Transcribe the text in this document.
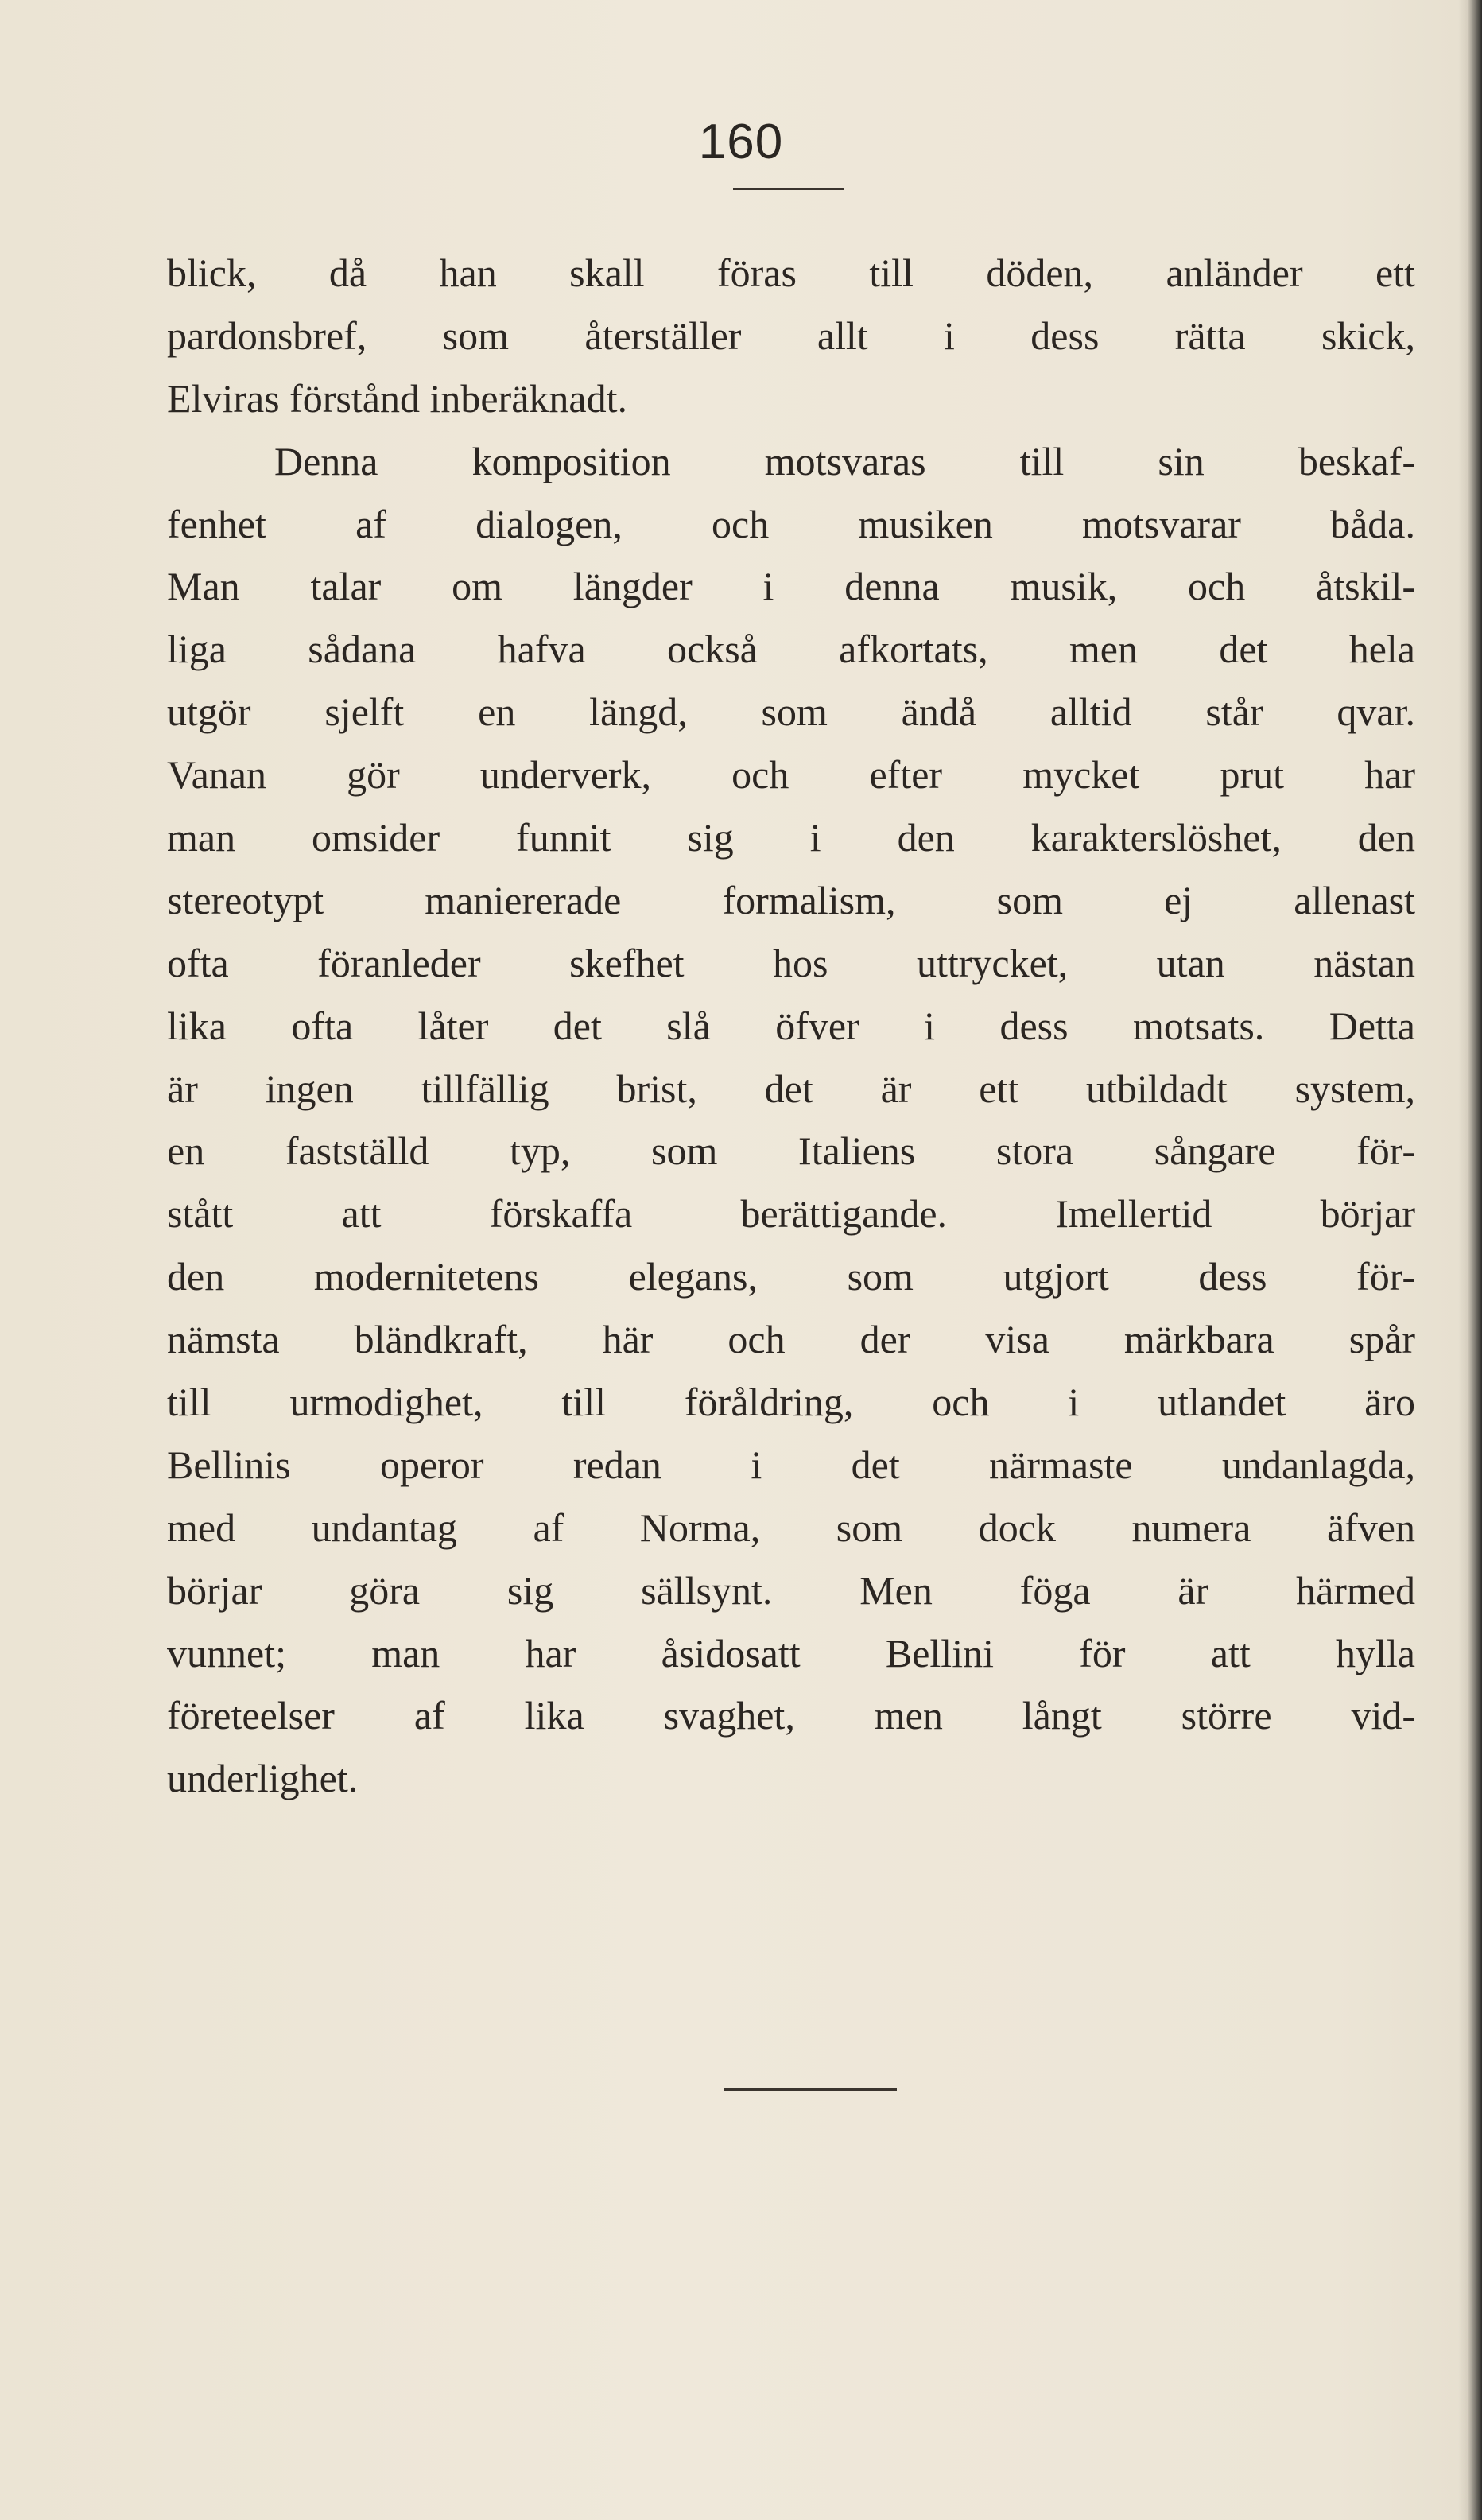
160
blick, då han skall föras till döden, anländer ett
pardonsbref, som återställer allt i dess rätta skick,
Elviras förstånd inberäknadt.
Denna komposition motsvaras till sin beskaf-
fenhet af dialogen, och musiken motsvarar båda.
Man talar om längder i denna musik, och åtskil-
liga sådana hafva också afkortats, men det hela
utgör sjelft en längd, som ändå alltid står qvar.
Vanan gör underverk, och efter mycket prut har
man omsider funnit sig i den karakterslöshet, den
stereotypt maniererade formalism, som ej allenast
ofta föranleder skefhet hos uttrycket, utan nästan
lika ofta låter det slå öfver i dess motsats. Detta
är ingen tillfällig brist, det är ett utbildadt system,
en fastställd typ, som Italiens stora sångare för-
stått att förskaffa berättigande. Imellertid börjar
den modernitetens elegans, som utgjort dess för-
nämsta bländkraft, här och der visa märkbara spår
till urmodighet, till föråldring, och i utlandet äro
Bellinis operor redan i det närmaste undanlagda,
med undantag af Norma, som dock numera äfven
börjar göra sig sällsynt. Men föga är härmed
vunnet; man har åsidosatt Bellini för att hylla
företeelser af lika svaghet, men långt större vid-
underlighet.
